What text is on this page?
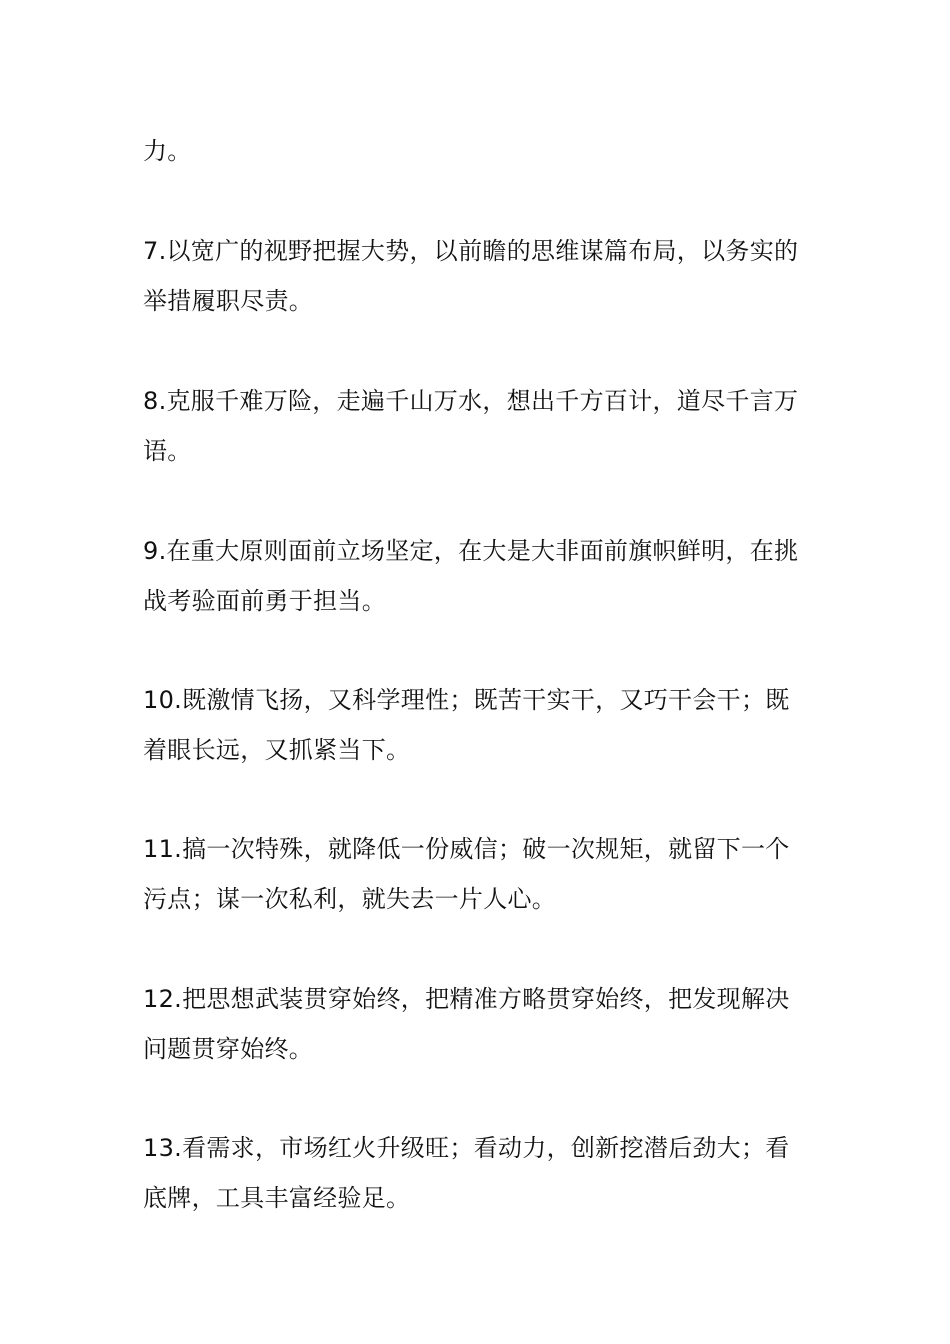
力。

7.以宽广的视野把握大势，以前瞻的思维谋篇布局，以务实的举措履职尽责。

8.克服千难万险，走遍千山万水，想出千方百计，道尽千言万语。

9.在重大原则面前立场坚定，在大是大非面前旗帜鲜明，在挑战考验面前勇于担当。

10.既激情飞扬，又科学理性；既苦干实干，又巧干会干；既着眼长远，又抓紧当下。

11.搞一次特殊，就降低一份威信；破一次规矩，就留下一个污点；谋一次私利，就失去一片人心。

12.把思想武装贯穿始终，把精准方略贯穿始终，把发现解决问题贯穿始终。

13.看需求，市场红火升级旺；看动力，创新挖潜后劲大；看底牌，工具丰富经验足。
